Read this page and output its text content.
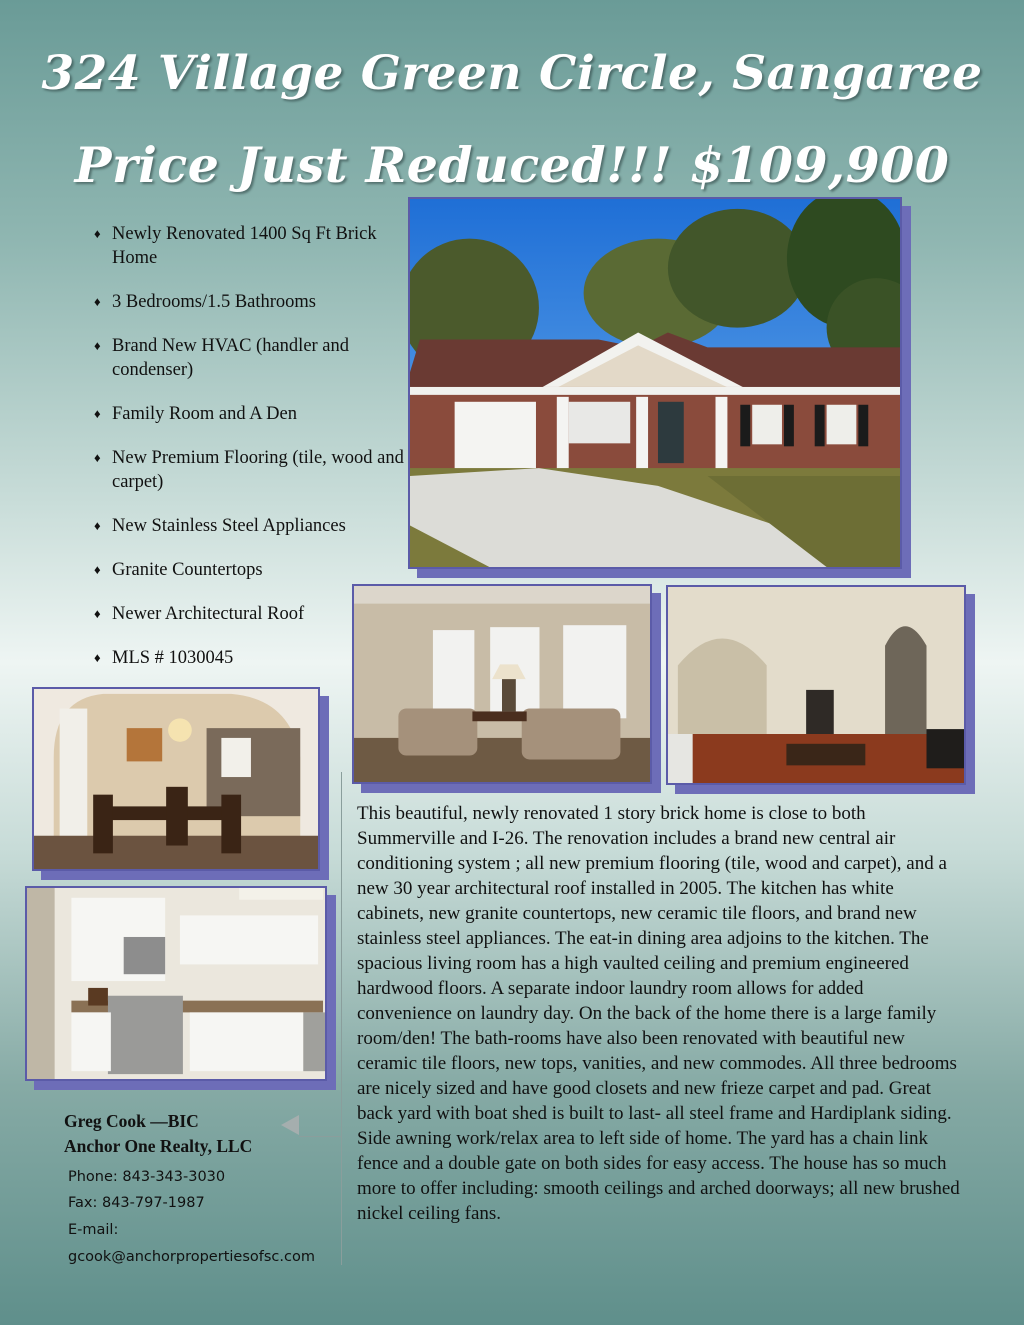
324 Village Green Circle, Sangaree
Price Just Reduced!!! $109,900
♦ Newly Renovated 1400 Sq Ft Brick Home
♦ 3 Bedrooms/1.5 Bathrooms
♦ Brand New HVAC (handler and condenser)
♦ Family Room and A Den
♦ New Premium Flooring (tile, wood and carpet)
♦ New Stainless Steel Appliances
♦ Granite Countertops
♦ Newer Architectural Roof
♦ MLS # 1030045

This beautiful, newly renovated 1 story brick home is close to both Summerville and I-26. The renovation includes a brand new central air conditioning system ; all new premium flooring (tile, wood and carpet), and a new 30 year architectural roof installed in 2005. The kitchen has white cabinets, new granite countertops, new ceramic tile floors, and brand new stainless steel appliances. The eat-in dining area adjoins to the kitchen. The spacious living room has a high vaulted ceiling and premium engineered hardwood floors. A separate indoor laundry room allows for added convenience on laundry day. On the back of the home there is a large family room/den! The bath-rooms have also been renovated with beautiful new ceramic tile floors, new tops, vanities, and new commodes. All three bedrooms are nicely sized and have good closets and new frieze carpet and pad. Great back yard with boat shed is built to last- all steel frame and Hardiplank siding. Side awning work/relax area to left side of home. The yard has a chain link fence and a double gate on both sides for easy access. The house has so much more to offer including: smooth ceilings and arched doorways; all new brushed nickel ceiling fans.

Greg Cook —BIC
Anchor One Realty, LLC
Phone: 843-343-3030
Fax: 843-797-1987
E-mail:
gcook@anchorpropertiesofsc.com
